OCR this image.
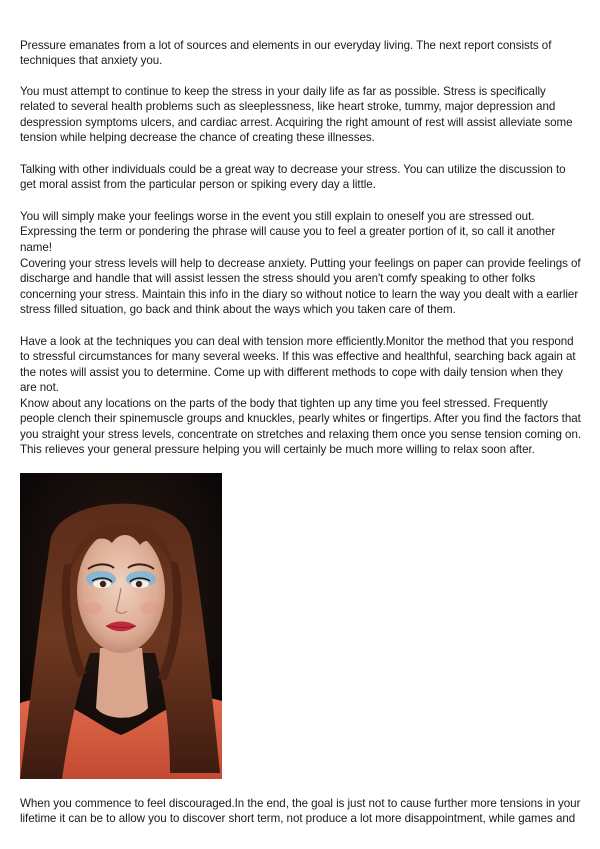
Pressure emanates from a lot of sources and elements in our everyday living. The next report consists of techniques that anxiety you.

You must attempt to continue to keep the stress in your daily life as far as possible. Stress is specifically related to several health problems such as sleeplessness, like heart stroke, tummy, major depression and despression symptoms ulcers, and cardiac arrest. Acquiring the right amount of rest will assist alleviate some tension while helping decrease the chance of creating these illnesses.

Talking with other individuals could be a great way to decrease your stress. You can utilize the discussion to get moral assist from the particular person or spiking every day a little.

You will simply make your feelings worse in the event you still explain to oneself you are stressed out. Expressing the term or pondering the phrase will cause you to feel a greater portion of it, so call it another name!

Covering your stress levels will help to decrease anxiety. Putting your feelings on paper can provide feelings of discharge and handle that will assist lessen the stress should you aren't comfy speaking to other folks concerning your stress. Maintain this info in the diary so without notice to learn the way you dealt with a earlier stress filled situation, go back and think about the ways which you taken care of them.

Have a look at the techniques you can deal with tension more efficiently.Monitor the method that you respond to stressful circumstances for many several weeks. If this was effective and healthful, searching back again at the notes will assist you to determine. Come up with different methods to cope with daily tension when they are not.

Know about any locations on the parts of the body that tighten up any time you feel stressed. Frequently people clench their spinemuscle groups and knuckles, pearly whites or fingertips. After you find the factors that you straight your stress levels, concentrate on stretches and relaxing them once you sense tension coming on. This relieves your general pressure helping you will certainly be much more willing to relax soon after.

When you commence to feel discouraged.In the end, the goal is just not to cause further more tensions in your lifetime it can be to allow you to discover short term, not produce a lot more disappointment, while games and
